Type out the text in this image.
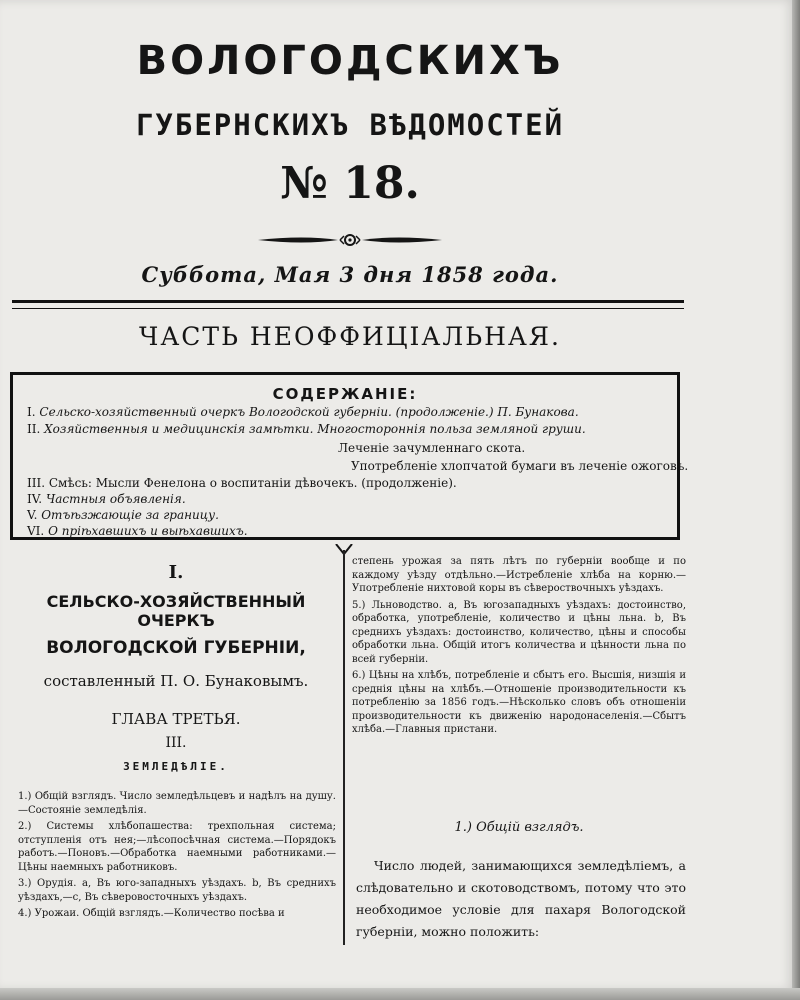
ВОЛОГОДСКИХЪ
ГУБЕРНСКИХЪ ВѢДОМОСТЕЙ
№ 18.
Суббота, Мая 3 дня 1858 года.
ЧАСТЬ НЕОФФИЦІАЛЬНАЯ.
СОДЕРЖАНІЕ:
I. Сельско-хозяйственный очеркъ Вологодской губерніи. (продолженіе.) П. Бунакова.
II. Хозяйственныя и медицинскія замѣтки. Многостороннія польза земляной груши.
Леченіе зачумленнаго скота.
Употребленіе хлопчатой бумаги въ леченіе ожоговъ.
III. Смѣсь: Мысли Фенелона о воспитаніи дѣвочекъ. (продолженіе).
IV. Частныя объявленія.
V. Отъѣзжающіе за границу.
VI. О пріѣхавшихъ и выѣхавшихъ.
I.
СЕЛЬСКО-ХОЗЯЙСТВЕННЫЙ ОЧЕРКЪ
ВОЛОГОДСКОЙ ГУБЕРНІИ,
составленный П. О. Бунаковымъ.
ГЛАВА ТРЕТЬЯ.
III.
ЗЕМЛЕДѢЛІЕ.

1.) Общій взглядъ. Число земледѣльцевъ и надѣлъ на душу.—Состояніе земледѣлія.

2.) Системы хлѣбопашества: трехпольная система; отступленія отъ нея;—лѣсопосѣчная система.—Порядокъ работъ.—Поновъ.—Обработка наемными работниками.—Цѣны наемныхъ работниковъ.

3.) Орудія. a, Въ юго-западныхъ уѣздахъ. b, Въ среднихъ уѣздахъ,—c, Въ сѣверовосточныхъ уѣздахъ.

4.) Урожаи. Общій взглядъ.—Количество посѣва и

степень урожая за пять лѣтъ по губерніи вообще и по каждому уѣзду отдѣльно.—Истребленіе хлѣба на корню.—Употребленіе нихтовой коры въ сѣвероствочныхъ уѣздахъ.

5.) Льноводство. a, Въ югозападныхъ уѣздахъ: достоинство, обработка, употребленіе, количество и цѣны льна. b, Въ среднихъ уѣздахъ: достоинство, количество, цѣны и способы обработки льна. Общій итогъ количества и цѣнности льна по всей губерніи.

6.) Цѣны на хлѣбъ, потребленіе и сбытъ его. Высшія, низшія и среднія цѣны на хлѣбъ.—Отношеніе производительности къ потребленію за 1856 годъ.—Нѣсколько словъ объ отношеніи производительности къ движенію народонаселенія.—Сбытъ хлѣба.—Главныя пристани.

1.) Общій взглядъ.
Число людей, занимающихся земледѣліемъ, а слѣдовательно и скотоводствомъ, потому что это необходимое условіе для пахаря Вологодской губерніи, можно положить:
